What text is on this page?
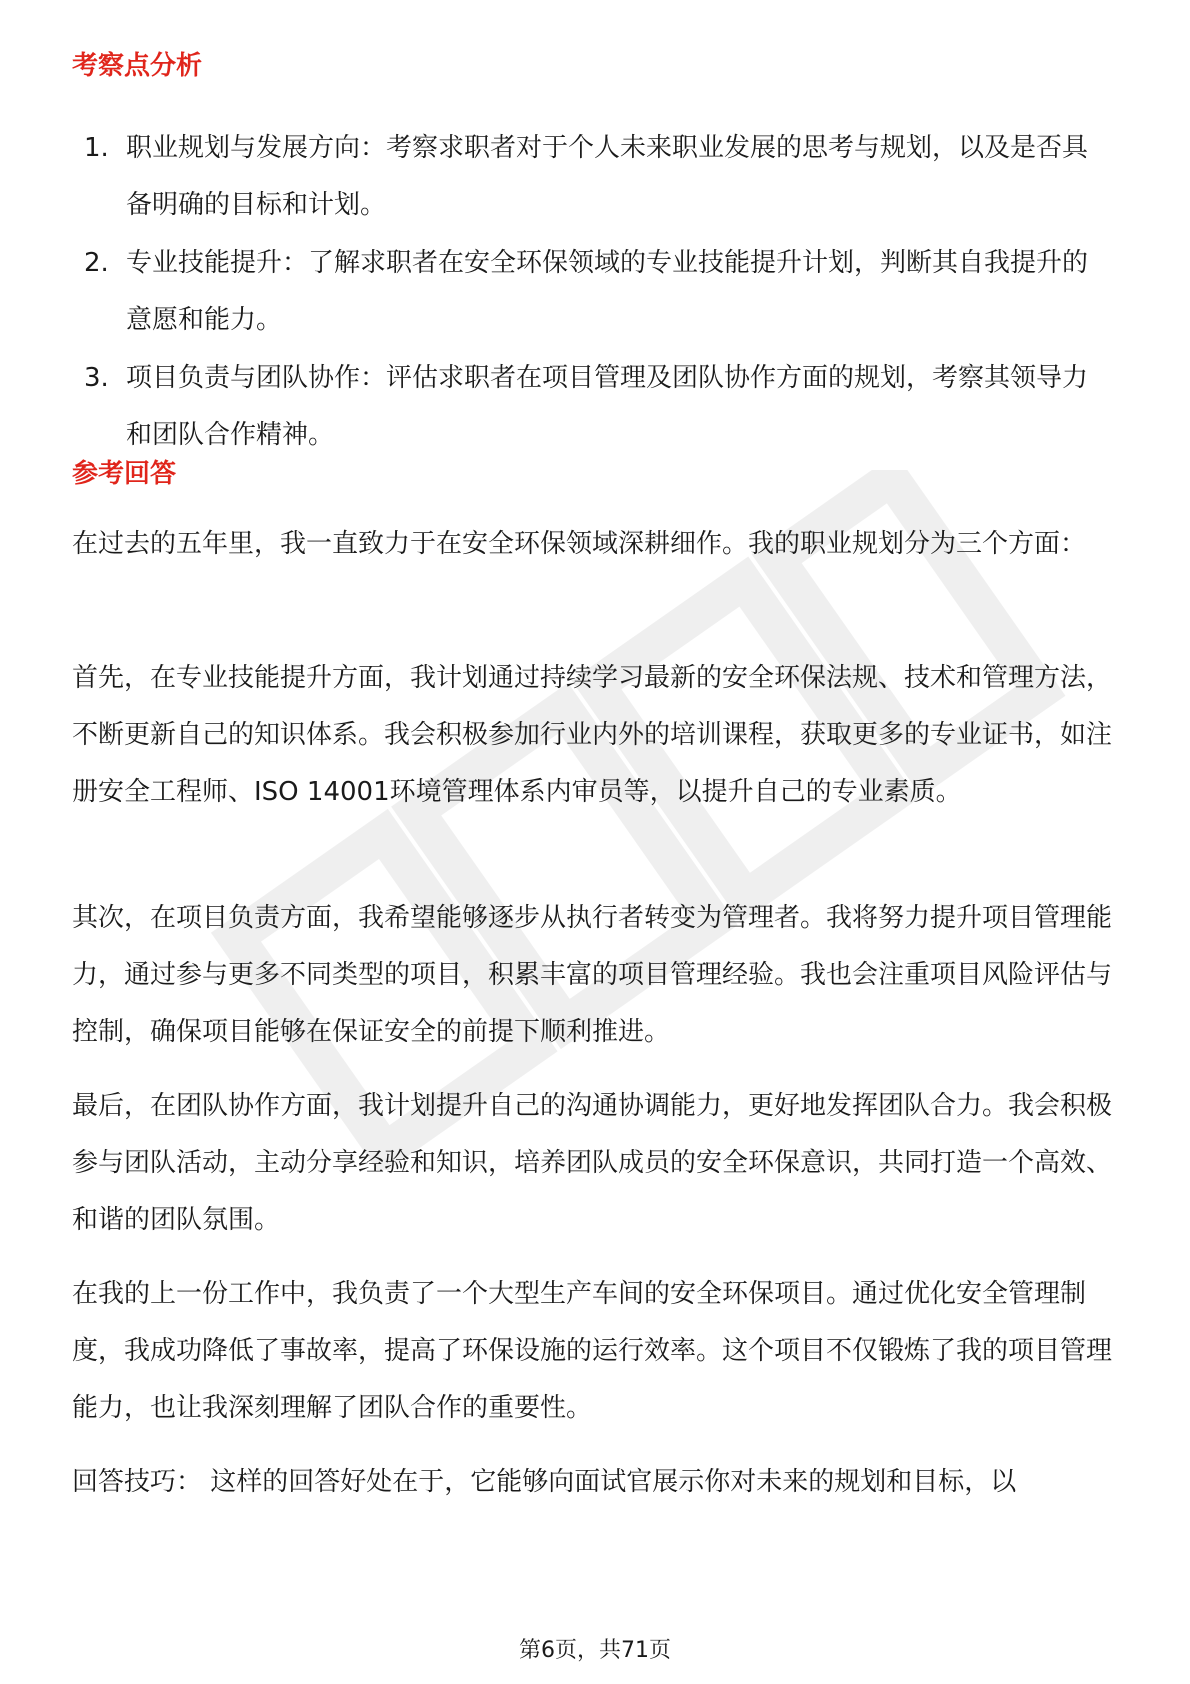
考察点分析
1. 职业规划与发展方向：考察求职者对于个人未来职业发展的思考与规划，以及是否具备明确的目标和计划。
2. 专业技能提升：了解求职者在安全环保领域的专业技能提升计划，判断其自我提升的意愿和能力。
3. 项目负责与团队协作：评估求职者在项目管理及团队协作方面的规划，考察其领导力和团队合作精神。
参考回答

在过去的五年里，我一直致力于在安全环保领域深耕细作。我的职业规划分为三个方面：

首先，在专业技能提升方面，我计划通过持续学习最新的安全环保法规、技术和管理方法，不断更新自己的知识体系。我会积极参加行业内外的培训课程，获取更多的专业证书，如注册安全工程师、ISO 14001环境管理体系内审员等，以提升自己的专业素质。

其次，在项目负责方面，我希望能够逐步从执行者转变为管理者。我将努力提升项目管理能力，通过参与更多不同类型的项目，积累丰富的项目管理经验。我也会注重项目风险评估与控制，确保项目能够在保证安全的前提下顺利推进。

最后，在团队协作方面，我计划提升自己的沟通协调能力，更好地发挥团队合力。我会积极参与团队活动，主动分享经验和知识，培养团队成员的安全环保意识，共同打造一个高效、和谐的团队氛围。

在我的上一份工作中，我负责了一个大型生产车间的安全环保项目。通过优化安全管理制度，我成功降低了事故率，提高了环保设施的运行效率。这个项目不仅锻炼了我的项目管理能力，也让我深刻理解了团队合作的重要性。

回答技巧： 这样的回答好处在于，它能够向面试官展示你对未来的规划和目标，以

第6页，共71页
